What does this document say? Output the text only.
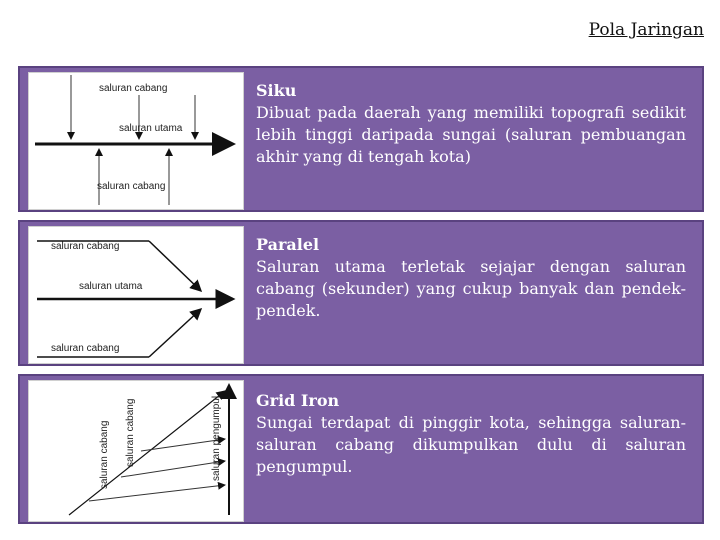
Pola Jaringan
saluran cabang
saluran utama
saluran cabang
Siku
Dibuat pada daerah yang memiliki topografi sedikit lebih tinggi daripada sungai (saluran pembuangan akhir yang di tengah kota)
saluran cabang
saluran utama
saluran cabang
Paralel
Saluran utama terletak sejajar dengan saluran cabang (sekunder) yang cukup banyak dan pendek-pendek.
saluran cabang
saluran cabang	saluran pengumpul Grid Iron
Sungai terdapat di pinggir kota, sehingga saluran-saluran cabang dikumpulkan dulu di saluran pengumpul.
